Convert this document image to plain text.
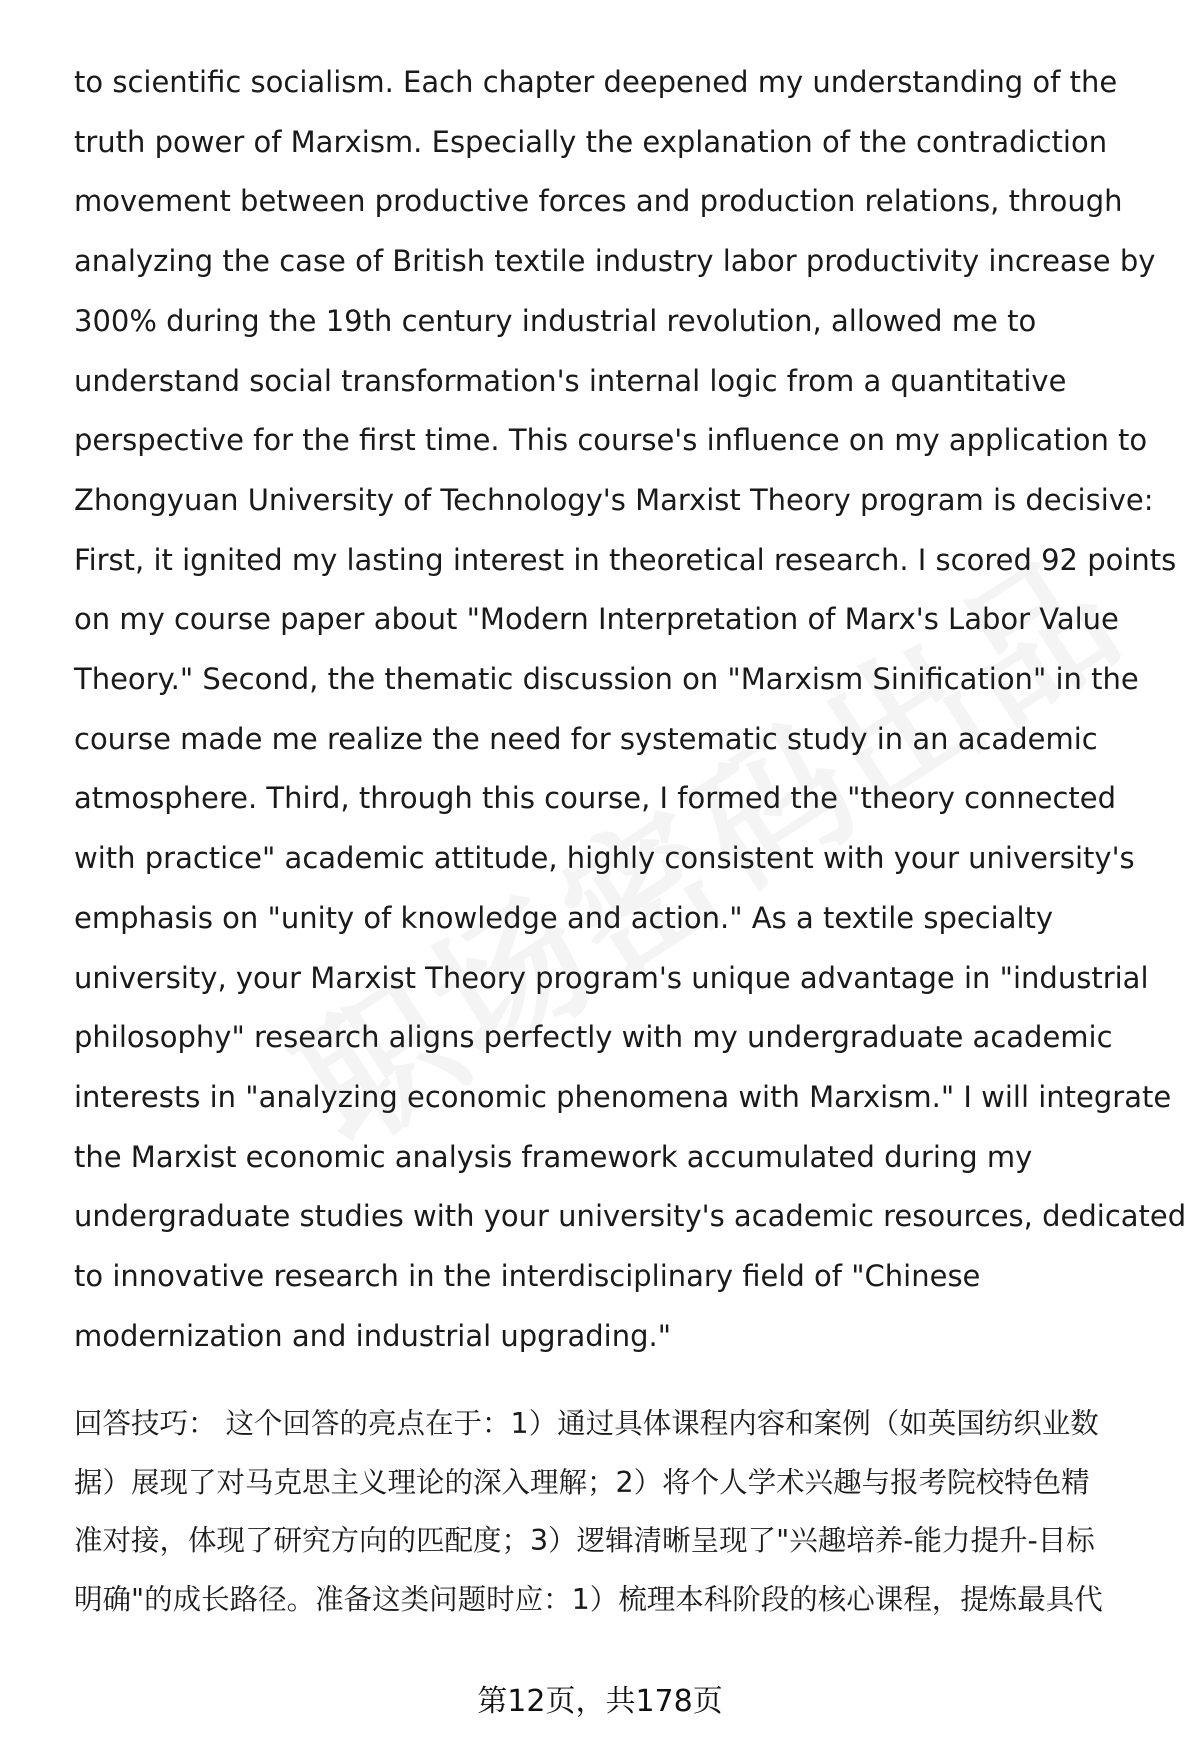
to scientific socialism. Each chapter deepened my understanding of the
truth power of Marxism. Especially the explanation of the contradiction
movement between productive forces and production relations, through
analyzing the case of British textile industry labor productivity increase by
300% during the 19th century industrial revolution, allowed me to
understand social transformation's internal logic from a quantitative
perspective for the first time. This course's influence on my application to
Zhongyuan University of Technology's Marxist Theory program is decisive:
First, it ignited my lasting interest in theoretical research. I scored 92 points
on my course paper about "Modern Interpretation of Marx's Labor Value
Theory." Second, the thematic discussion on "Marxism Sinification" in the
course made me realize the need for systematic study in an academic
atmosphere. Third, through this course, I formed the "theory connected
with practice" academic attitude, highly consistent with your university's
emphasis on "unity of knowledge and action." As a textile specialty
university, your Marxist Theory program's unique advantage in "industrial
philosophy" research aligns perfectly with my undergraduate academic
interests in "analyzing economic phenomena with Marxism." I will integrate
the Marxist economic analysis framework accumulated during my
undergraduate studies with your university's academic resources, dedicated
to innovative research in the interdisciplinary field of "Chinese
modernization and industrial upgrading."

回答技巧： 这个回答的亮点在于：1）通过具体课程内容和案例（如英国纺织业数
据）展现了对马克思主义理论的深入理解；2）将个人学术兴趣与报考院校特色精
准对接，体现了研究方向的匹配度；3）逻辑清晰呈现了"兴趣培养-能力提升-目标
明确"的成长路径。准备这类问题时应：1）梳理本科阶段的核心课程，提炼最具代

第12页，共178页
